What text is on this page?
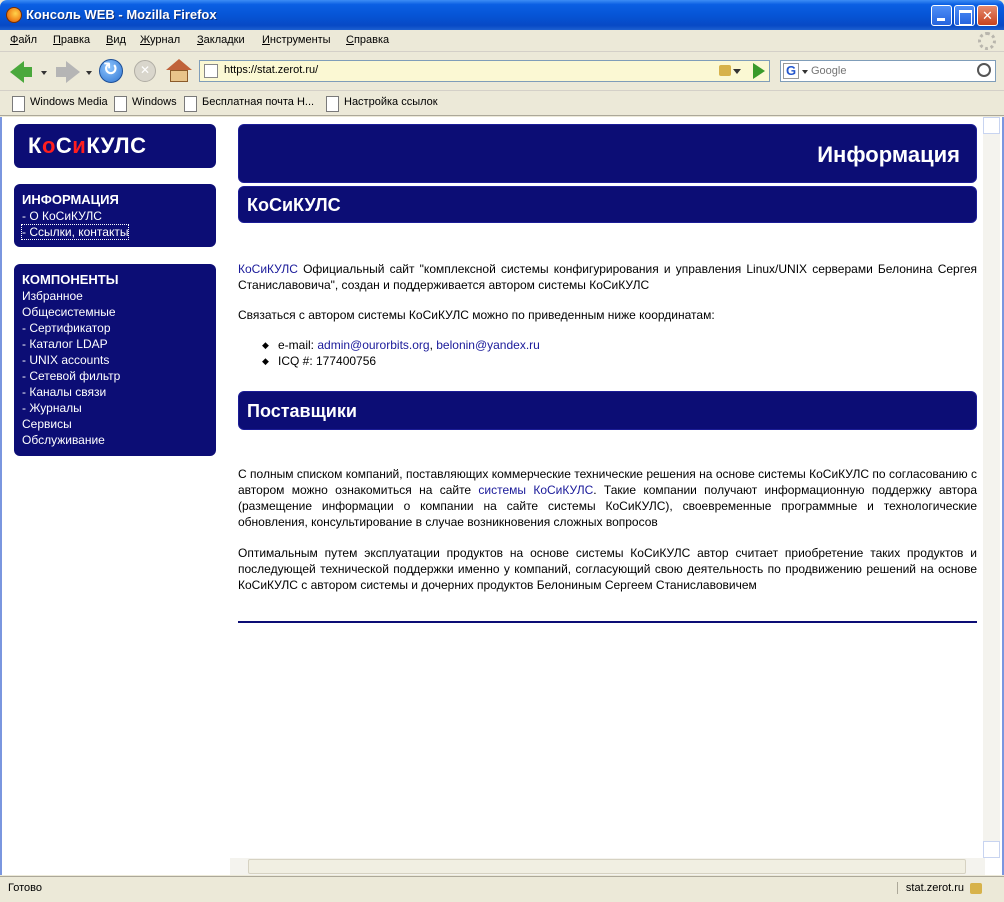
Консоль WEB - Mozilla Firefox	✕
Файл Правка Вид Журнал Закладки Инструменты Справка
↻
✕
https://stat.zerot.ru/	G
Google
Windows Media	Windows	Бесплатная почта H...	Настройка ссылок
КоСиКУЛС
ИНФОРМАЦИЯ
- О КоСиКУЛС
- Ссылки, контакты
КОМПОНЕНТЫ
Избранное
Общесистемные
- Сертификатор
- Каталог LDAP
- UNIX accounts
- Сетевой фильтр
- Каналы связи
- Журналы
Сервисы
Обслуживание
Информация
КоСиКУЛС
КоСиКУЛС Официальный сайт "комплексной системы конфигурирования и управления Linux/UNIX серверами Белонина Сергея Станиславовича", создан и поддерживается автором системы КоСиКУЛС
Связаться с автором системы КоСиКУЛС можно по приведенным ниже координатам:
◆ e-mail: admin@ourorbits.org, belonin@yandex.ru
◆ ICQ #: 177400756
Поставщики
С полным списком компаний, поставляющих коммерческие технические решения на основе системы КоСиКУЛС по согласованию с автором можно ознакомиться на сайте системы КоСиКУЛС. Такие компании получают информационную поддержку автора (размещение информации о компании на сайте системы КоСиКУЛС), своевременные программные и технологические обновления, консультирование в случае возникновения сложных вопросов
Оптимальным путем эксплуатации продуктов на основе системы КоСиКУЛС автор считает приобретение таких продуктов и последующей технической поддержки именно у компаний, согласующий свою деятельность по продвижению решений на основе КоСиКУЛС с автором системы и дочерних продуктов Белониным Сергеем Станиславовичем
Готово	stat.zerot.ru
